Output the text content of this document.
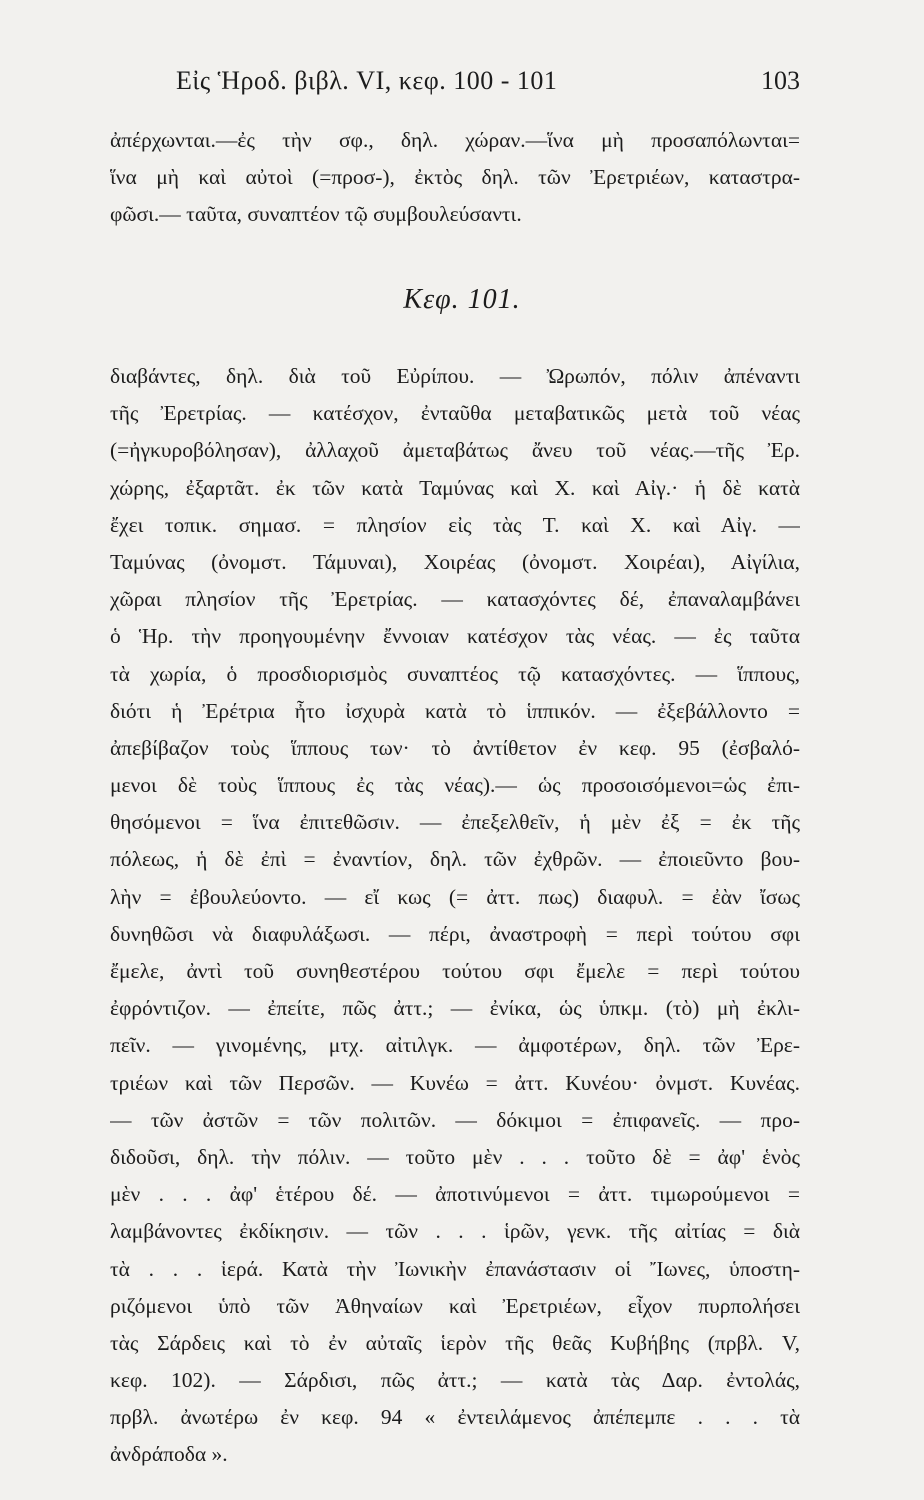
Εἰς Ἡροδ. βιβλ. VI, κεφ. 100 - 101	103
ἀπέρχωνται.—ἐς τὴν σφ., δηλ. χώραν.—ἵνα μὴ προσαπόλωνται=
ἵνα μὴ καὶ αὐτοὶ (=προσ-), ἐκτὸς δηλ. τῶν Ἐρετριέων, καταστρα-
φῶσι.— ταῦτα, συναπτέον τῷ συμβουλεύσαντι.
Κεφ. 101.
διαβάντες, δηλ. διὰ τοῦ Εὐρίπου. — Ὠρωπόν, πόλιν ἀπέναντι
τῆς Ἐρετρίας. — κατέσχον, ἐνταῦθα μεταβατικῶς μετὰ τοῦ νέας
(=ἠγκυροβόλησαν), ἀλλαχοῦ ἀμεταβάτως ἄνευ τοῦ νέας.—τῆς Ἐρ.
χώρης, ἐξαρτᾶτ. ἐκ τῶν κατὰ Ταμύνας καὶ Χ. καὶ Αἰγ.· ἡ δὲ κατὰ
ἔχει τοπικ. σημασ. = πλησίον εἰς τὰς Τ. καὶ Χ. καὶ Αἰγ. —
Ταμύνας (ὀνομστ. Τάμυναι), Χοιρέας (ὀνομστ. Χοιρέαι), Αἰγίλια,
χῶραι πλησίον τῆς Ἐρετρίας. — κατασχόντες δέ, ἐπαναλαμβάνει
ὁ Ἡρ. τὴν προηγουμένην ἔννοιαν κατέσχον τὰς νέας. — ἐς ταῦτα
τὰ χωρία, ὁ προσδιορισμὸς συναπτέος τῷ κατασχόντες. — ἵππους,
διότι ἡ Ἐρέτρια ἦτο ἰσχυρὰ κατὰ τὸ ἱππικόν. — ἐξεβάλλοντο =
ἀπεβίβαζον τοὺς ἵππους των· τὸ ἀντίθετον ἐν κεφ. 95 (ἐσβαλό-
μενοι δὲ τοὺς ἵππους ἐς τὰς νέας).— ὡς προσοισόμενοι=ὡς ἐπι-
θησόμενοι = ἵνα ἐπιτεθῶσιν. — ἐπεξελθεῖν, ἡ μὲν ἐξ = ἐκ τῆς
πόλεως, ἡ δὲ ἐπὶ = ἐναντίον, δηλ. τῶν ἐχθρῶν. — ἐποιεῦντο βου-
λὴν = ἐβουλεύοντο. — εἴ κως (= ἀττ. πως) διαφυλ. = ἐὰν ἴσως
δυνηθῶσι νὰ διαφυλάξωσι. — πέρι, ἀναστροφὴ = περὶ τούτου σφι
ἔμελε, ἀντὶ τοῦ συνηθεστέρου τούτου σφι ἔμελε = περὶ τούτου
ἐφρόντιζον. — ἐπείτε, πῶς ἀττ.; — ἐνίκα, ὡς ὑπκμ. (τὸ) μὴ ἐκλι-
πεῖν. — γινομένης, μτχ. αἰτιλγκ. — ἀμφοτέρων, δηλ. τῶν Ἐρε-
τριέων καὶ τῶν Περσῶν. — Κυνέω = ἀττ. Κυνέου· ὀνμστ. Κυνέας.
— τῶν ἀστῶν = τῶν πολιτῶν. — δόκιμοι = ἐπιφανεῖς. — προ-
διδοῦσι, δηλ. τὴν πόλιν. — τοῦτο μὲν . . . τοῦτο δὲ = ἀφ' ἑνὸς
μὲν . . . ἀφ' ἑτέρου δέ. — ἀποτινύμενοι = ἀττ. τιμωρούμενοι =
λαμβάνοντες ἐκδίκησιν. — τῶν . . . ἱρῶν, γενκ. τῆς αἰτίας = διὰ
τὰ . . . ἱερά. Κατὰ τὴν Ἰωνικὴν ἐπανάστασιν οἱ Ἴωνες, ὑποστη-
ριζόμενοι ὑπὸ τῶν Ἀθηναίων καὶ Ἐρετριέων, εἶχον πυρπολήσει
τὰς Σάρδεις καὶ τὸ ἐν αὐταῖς ἱερὸν τῆς θεᾶς Κυβήβης (πρβλ. V,
κεφ. 102). — Σάρδισι, πῶς ἀττ.; — κατὰ τὰς Δαρ. ἐντολάς,
πρβλ. ἀνωτέρω ἐν κεφ. 94 « ἐντειλάμενος ἀπέπεμπε . . . τὰ
ἀνδράποδα ».
